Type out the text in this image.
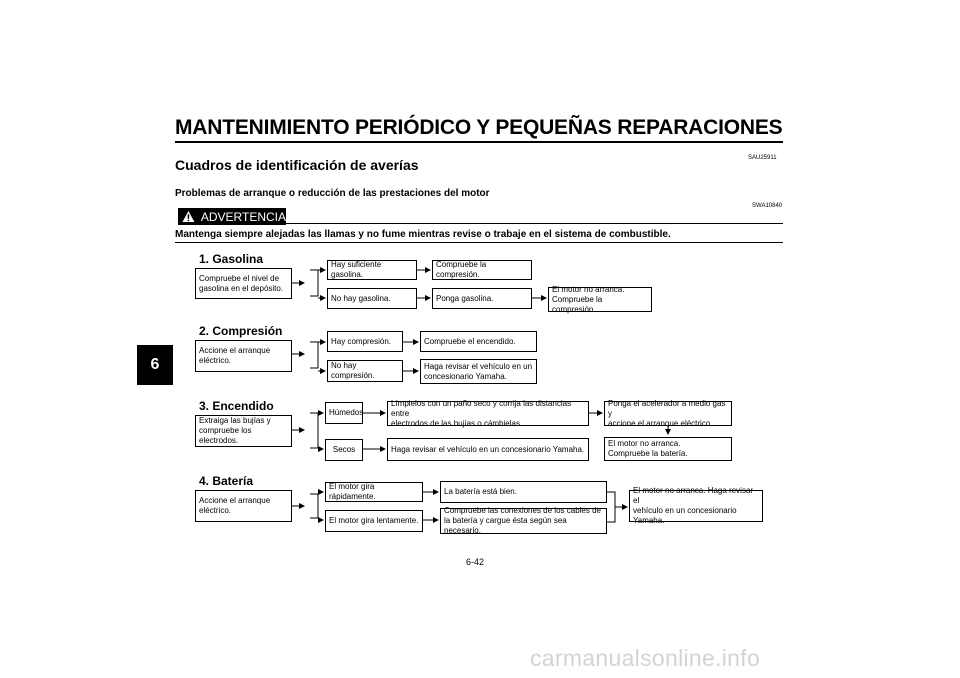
MANTENIMIENTO PERIÓDICO Y PEQUEÑAS REPARACIONES
6
SAU25911
Cuadros de identificación de averías
Problemas de arranque o reducción de las prestaciones del motor
SWA10840
ADVERTENCIA
Mantenga siempre alejadas las llamas y no fume mientras revise o trabaje en el sistema de combustible.
1. Gasolina
Compruebe el nivel de
gasolina en el depósito.
Hay suficiente gasolina.
Compruebe la compresión.
No hay gasolina.	Ponga gasolina.
El motor no arranca.
Compruebe la compresión.
2. Compresión
Accione el arranque
eléctrico.
Hay compresión.	Compruebe el encendido.
No hay compresión.
Haga revisar el vehículo en un
concesionario Yamaha.
3. Encendido
Extraiga las bujías y
compruebe los electrodos.
Húmedos
Límpielos con un paño seco y corrija las distancias entre
electrodos de las bujías o cámbielas.
Ponga el acelerador a medio gas y
accione el arranque eléctrico.
El motor no arranca.
Compruebe la batería.
Secos	Haga revisar el vehículo en un concesionario Yamaha.
4. Batería
Accione el arranque
eléctrico.
El motor gira rápidamente.
La batería está bien.
El motor gira lentamente.
Compruebe las conexiones de los cables de
la batería y cargue ésta según sea necesario.
El motor no arranca. Haga revisar el
vehículo en un concesionario
Yamaha.
6-42
carmanualsonline.info
